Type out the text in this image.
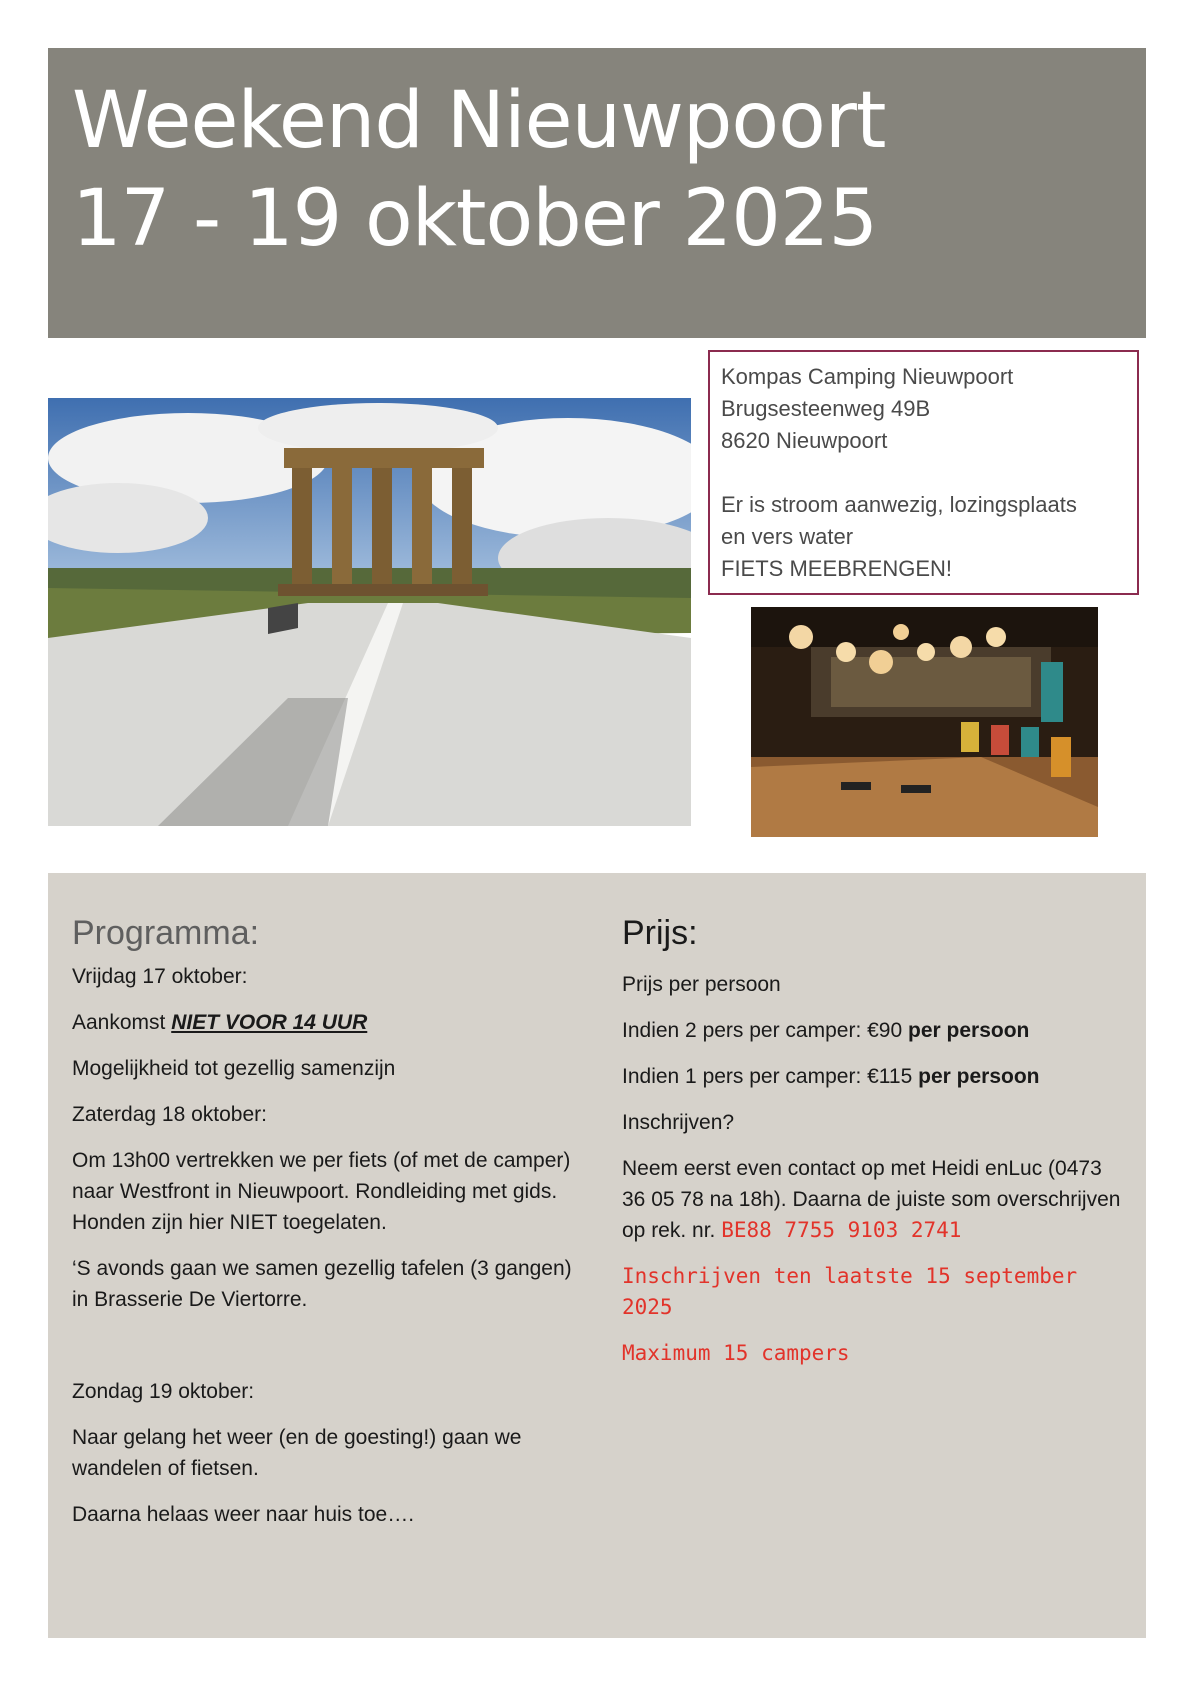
Weekend Nieuwpoort
17 - 19 oktober 2025
Kompas Camping Nieuwpoort
Brugsesteenweg 49B
8620 Nieuwpoort
Er is stroom aanwezig, lozingsplaats
en vers water
FIETS MEEBRENGEN!
Programma:

Vrijdag 17 oktober:

Aankomst NIET VOOR 14 UUR

Mogelijkheid tot gezellig samenzijn

Zaterdag 18 oktober:

Om 13h00 vertrekken we per fiets (of met de camper) naar Westfront in Nieuwpoort. Rondleiding met gids. Honden zijn hier NIET toegelaten.

‘S avonds gaan we samen gezellig tafelen (3 gangen) in Brasserie De Viertorre.

Zondag 19 oktober:

Naar gelang het weer (en de goesting!) gaan we wandelen of fietsen.

Daarna helaas weer naar huis toe….

Prijs:

Prijs per persoon

Indien 2 pers per camper: €90 per persoon

Indien 1 pers per camper: €115 per persoon

Inschrijven?

Neem eerst even contact op met Heidi enLuc (0473 36 05 78 na 18h). Daarna de juiste som overschrijven op rek. nr. BE88 7755 9103 2741

Inschrijven ten laatste 15 september 2025

Maximum 15 campers
